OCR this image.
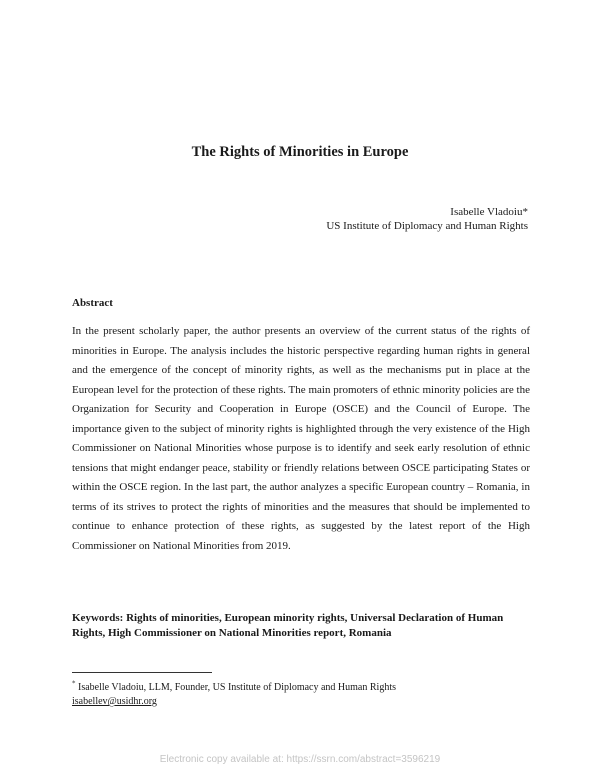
The Rights of Minorities in Europe
Isabelle Vladoiu*
US Institute of Diplomacy and Human Rights
Abstract
In the present scholarly paper, the author presents an overview of the current status of the rights of minorities in Europe. The analysis includes the historic perspective regarding human rights in general and the emergence of the concept of minority rights, as well as the mechanisms put in place at the European level for the protection of these rights. The main promoters of ethnic minority policies are the Organization for Security and Cooperation in Europe (OSCE) and the Council of Europe. The importance given to the subject of minority rights is highlighted through the very existence of the High Commissioner on National Minorities whose purpose is to identify and seek early resolution of ethnic tensions that might endanger peace, stability or friendly relations between OSCE participating States or within the OSCE region. In the last part, the author analyzes a specific European country – Romania, in terms of its strives to protect the rights of minorities and the measures that should be implemented to continue to enhance protection of these rights, as suggested by the latest report of the High Commissioner on National Minorities from 2019.
Keywords: Rights of minorities, European minority rights, Universal Declaration of Human Rights, High Commissioner on National Minorities report, Romania
* Isabelle Vladoiu, LLM, Founder, US Institute of Diplomacy and Human Rights
isabellev@usidhr.org
Electronic copy available at: https://ssrn.com/abstract=3596219
